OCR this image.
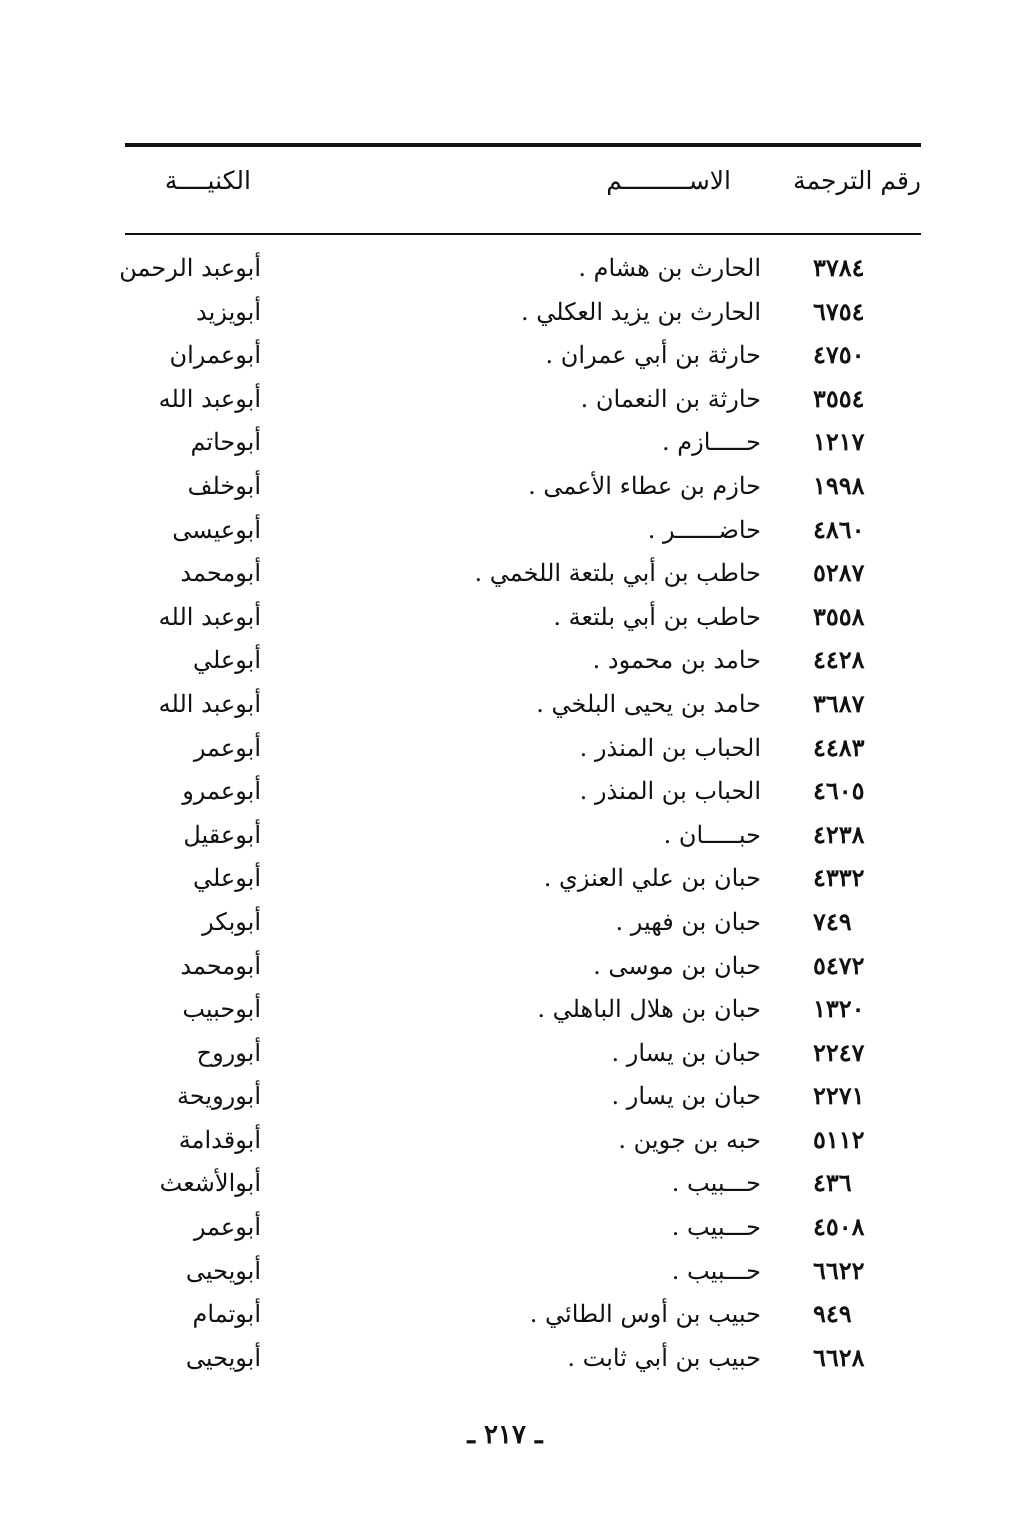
رقم الترجمة
الاســـــــــم
الكنيــــة
٣٧٨٤
الحارث بن هشام .
أبوعبد الرحمن
٦٧٥٤
الحارث بن يزيد العكلي .
أبويزيد
٤٧٥٠
حارثة بن أبي عمران .
أبوعمران
٣٥٥٤
حارثة بن النعمان .
أبوعبد الله
١٢١٧
حـــــازم .
أبوحاتم
١٩٩٨
حازم بن عطاء الأعمى .
أبوخلف
٤٨٦٠
حاضــــــر .
أبوعيسى
٥٢٨٧
حاطب بن أبي بلتعة اللخمي .
أبومحمد
٣٥٥٨
حاطب بن أبي بلتعة .
أبوعبد الله
٤٤٢٨
حامد بن محمود .
أبوعلي
٣٦٨٧
حامد بن يحيى البلخي .
أبوعبد الله
٤٤٨٣
الحباب بن المنذر .
أبوعمر
٤٦٠٥
الحباب بن المنذر .
أبوعمرو
٤٢٣٨
حبـــــان .
أبوعقيل
٤٣٣٢
حبان بن علي العنزي .
أبوعلي
٧٤٩
حبان بن فهير .
أبوبكر
٥٤٧٢
حبان بن موسى .
أبومحمد
١٣٢٠
حبان بن هلال الباهلي .
أبوحبيب
٢٢٤٧
حبان بن يسار .
أبوروح
٢٢٧١
حبان بن يسار .
أبورويحة
٥١١٢
حبه بن جوين .
أبوقدامة
٤٣٦
حـــبيب .
أبوالأشعث
٤٥٠٨
حـــبيب .
أبوعمر
٦٦٢٢
حـــبيب .
أبويحيى
٩٤٩
حبيب بن أوس الطائي .
أبوتمام
٦٦٢٨
حبيب بن أبي ثابت .
أبويحيى
ـ ٢١٧ ـ
